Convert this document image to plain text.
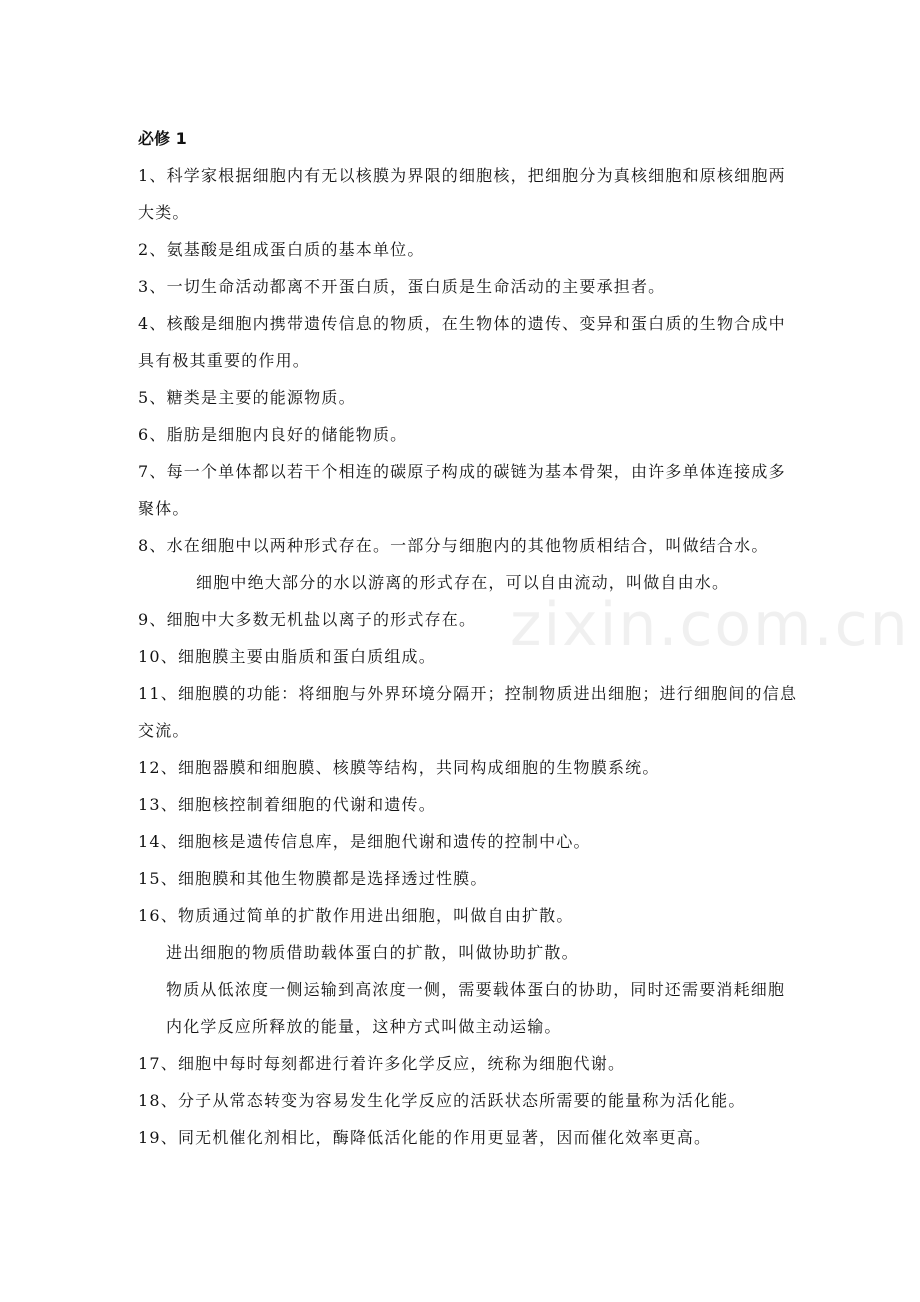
zixin.com.cn

必修 1

1、科学家根据细胞内有无以核膜为界限的细胞核，把细胞分为真核细胞和原核细胞两大类。

2、氨基酸是组成蛋白质的基本单位。

3、一切生命活动都离不开蛋白质，蛋白质是生命活动的主要承担者。

4、核酸是细胞内携带遗传信息的物质，在生物体的遗传、变异和蛋白质的生物合成中具有极其重要的作用。

5、糖类是主要的能源物质。

6、脂肪是细胞内良好的储能物质。

7、每一个单体都以若干个相连的碳原子构成的碳链为基本骨架，由许多单体连接成多聚体。

8、水在细胞中以两种形式存在。一部分与细胞内的其他物质相结合，叫做结合水。

细胞中绝大部分的水以游离的形式存在，可以自由流动，叫做自由水。

9、细胞中大多数无机盐以离子的形式存在。

10、细胞膜主要由脂质和蛋白质组成。

11、细胞膜的功能：将细胞与外界环境分隔开；控制物质进出细胞；进行细胞间的信息交流。

12、细胞器膜和细胞膜、核膜等结构，共同构成细胞的生物膜系统。

13、细胞核控制着细胞的代谢和遗传。

14、细胞核是遗传信息库，是细胞代谢和遗传的控制中心。

15、细胞膜和其他生物膜都是选择透过性膜。

16、物质通过简单的扩散作用进出细胞，叫做自由扩散。

进出细胞的物质借助载体蛋白的扩散，叫做协助扩散。

物质从低浓度一侧运输到高浓度一侧，需要载体蛋白的协助，同时还需要消耗细胞内化学反应所释放的能量，这种方式叫做主动运输。

17、细胞中每时每刻都进行着许多化学反应，统称为细胞代谢。

18、分子从常态转变为容易发生化学反应的活跃状态所需要的能量称为活化能。

19、同无机催化剂相比，酶降低活化能的作用更显著，因而催化效率更高。
